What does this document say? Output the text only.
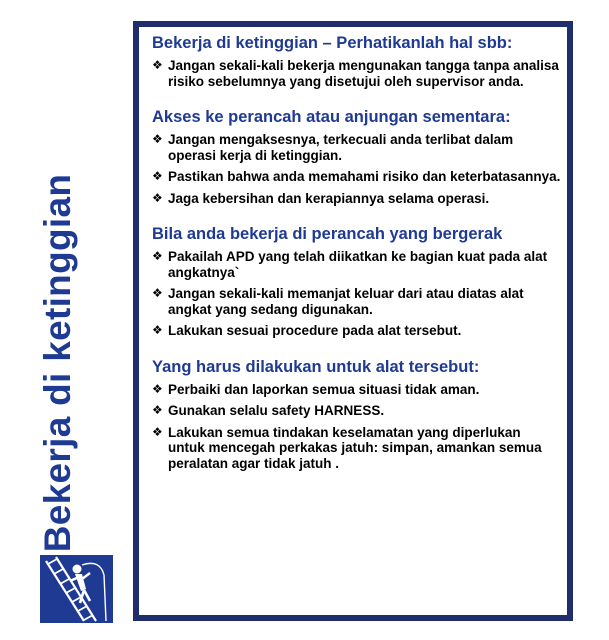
Bekerja di ketinggian
Bekerja di ketinggian – Perhatikanlah hal sbb:
❖ Jangan sekali-kali bekerja mengunakan tangga tanpa analisa risiko sebelumnya yang disetujui oleh supervisor anda.
Akses ke perancah atau anjungan sementara:
❖ Jangan mengaksesnya, terkecuali anda terlibat dalam operasi kerja di ketinggian.
❖ Pastikan bahwa anda memahami risiko dan keterbatasannya.
❖ Jaga kebersihan dan kerapiannya selama operasi.
Bila anda bekerja di perancah yang bergerak
❖ Pakailah APD yang telah diikatkan ke bagian kuat pada alat angkatnya`
❖ Jangan sekali-kali memanjat keluar dari atau diatas alat angkat yang sedang digunakan.
❖ Lakukan sesuai procedure pada alat tersebut.
Yang harus dilakukan untuk alat tersebut:
❖ Perbaiki dan laporkan semua situasi tidak aman.
❖ Gunakan selalu safety HARNESS.
❖ Lakukan semua tindakan keselamatan yang diperlukan untuk mencegah perkakas jatuh: simpan, amankan semua peralatan agar tidak jatuh .
